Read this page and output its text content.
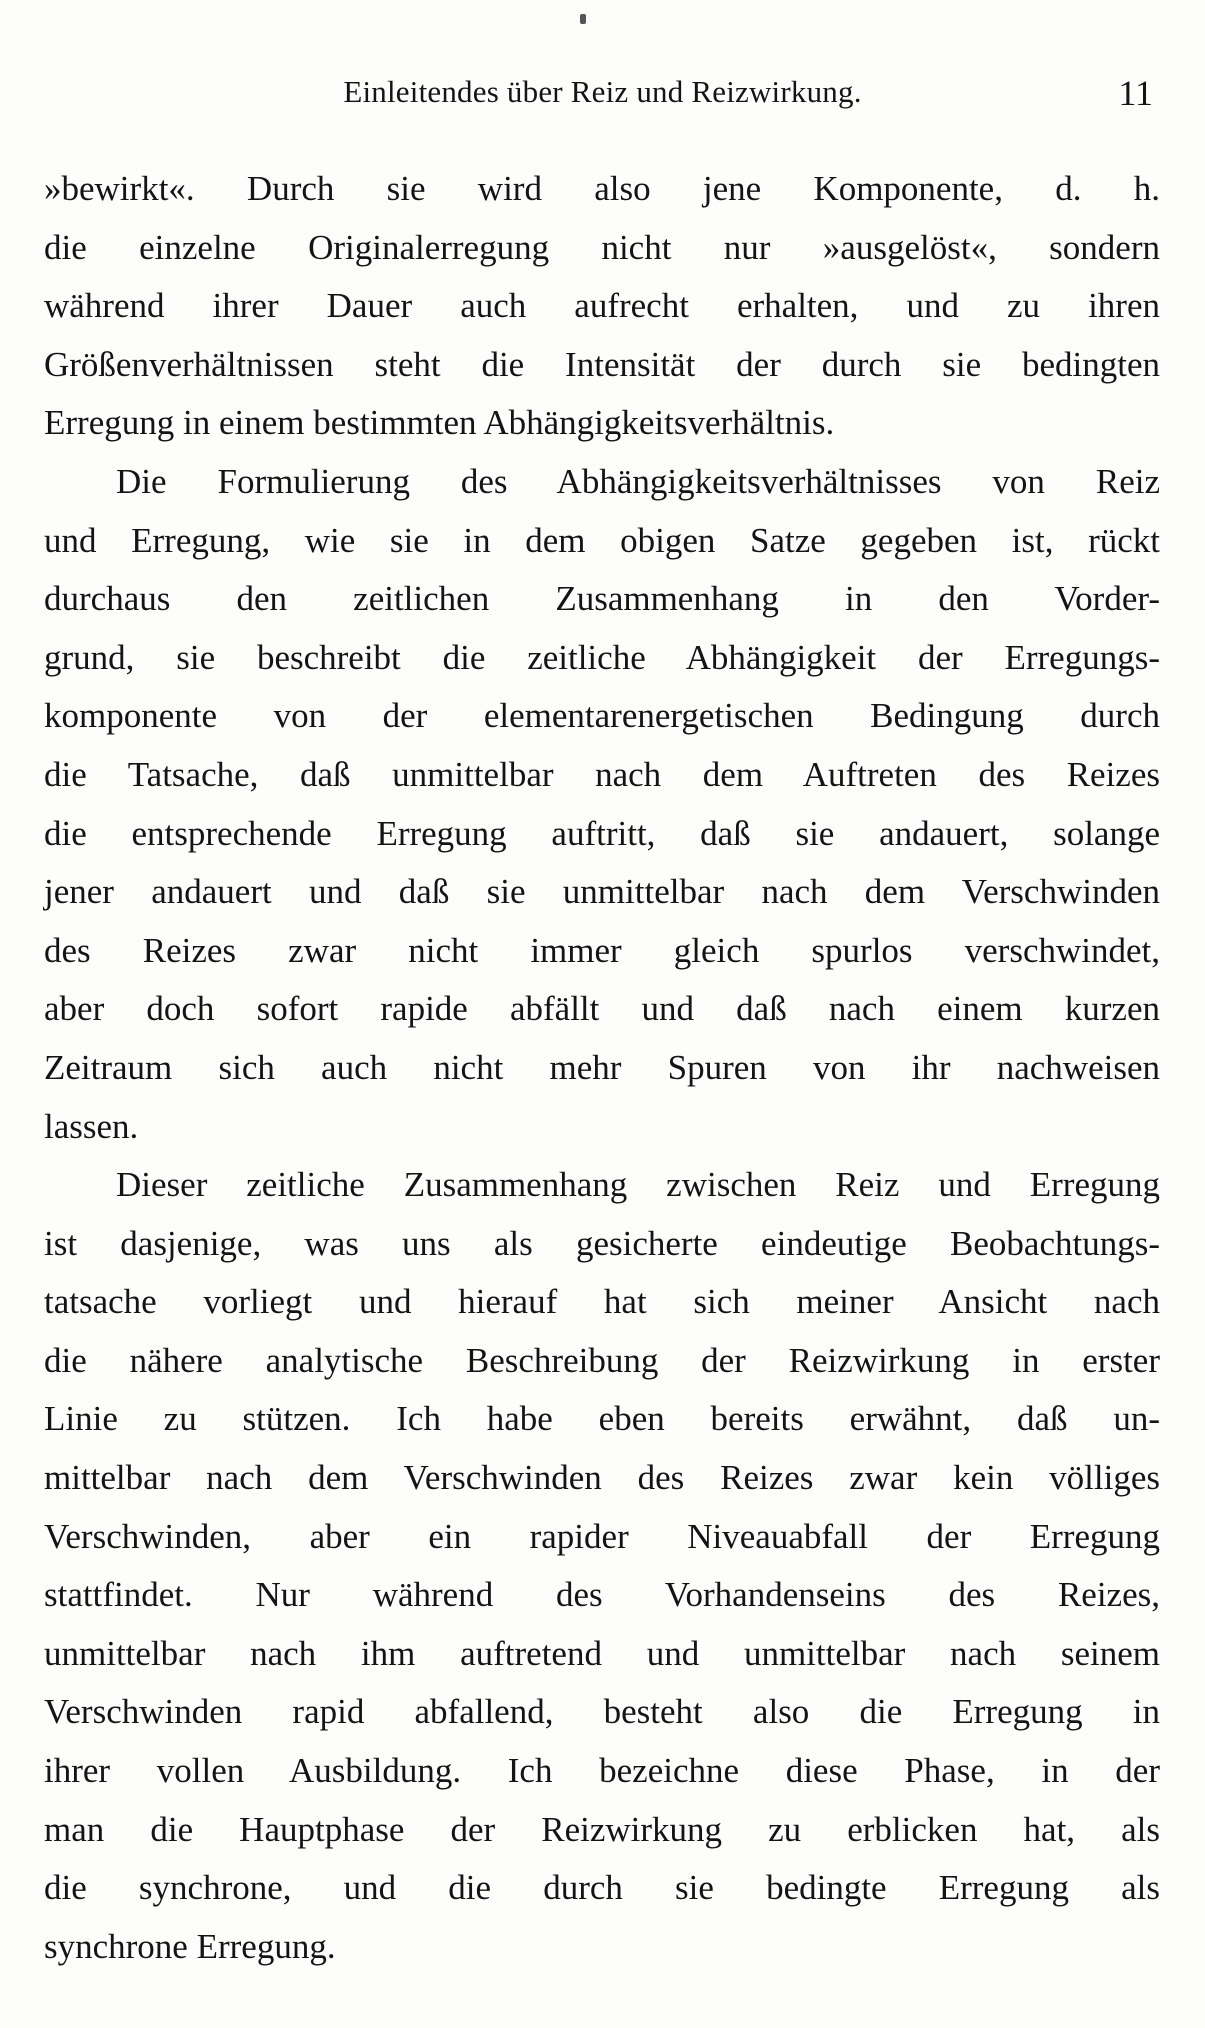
Einleitendes über Reiz und Reizwirkung.	11
»bewirkt«. Durch sie wird also jene Komponente, d. h.
die einzelne Originalerregung nicht nur »ausgelöst«, sondern
während ihrer Dauer auch aufrecht erhalten, und zu ihren
Größenverhältnissen steht die Intensität der durch sie bedingten
Erregung in einem bestimmten Abhängigkeitsverhältnis.
Die Formulierung des Abhängigkeitsverhältnisses von Reiz
und Erregung, wie sie in dem obigen Satze gegeben ist, rückt
durchaus den zeitlichen Zusammenhang in den Vorder-
grund, sie beschreibt die zeitliche Abhängigkeit der Erregungs-
komponente von der elementarenergetischen Bedingung durch
die Tatsache, daß unmittelbar nach dem Auftreten des Reizes
die entsprechende Erregung auftritt, daß sie andauert, solange
jener andauert und daß sie unmittelbar nach dem Verschwinden
des Reizes zwar nicht immer gleich spurlos verschwindet,
aber doch sofort rapide abfällt und daß nach einem kurzen
Zeitraum sich auch nicht mehr Spuren von ihr nachweisen
lassen.
Dieser zeitliche Zusammenhang zwischen Reiz und Erregung
ist dasjenige, was uns als gesicherte eindeutige Beobachtungs-
tatsache vorliegt und hierauf hat sich meiner Ansicht nach
die nähere analytische Beschreibung der Reizwirkung in erster
Linie zu stützen. Ich habe eben bereits erwähnt, daß un-
mittelbar nach dem Verschwinden des Reizes zwar kein völliges
Verschwinden, aber ein rapider Niveauabfall der Erregung
stattfindet. Nur während des Vorhandenseins des Reizes,
unmittelbar nach ihm auftretend und unmittelbar nach seinem
Verschwinden rapid abfallend, besteht also die Erregung in
ihrer vollen Ausbildung. Ich bezeichne diese Phase, in der
man die Hauptphase der Reizwirkung zu erblicken hat, als
die synchrone, und die durch sie bedingte Erregung als
synchrone Erregung.
